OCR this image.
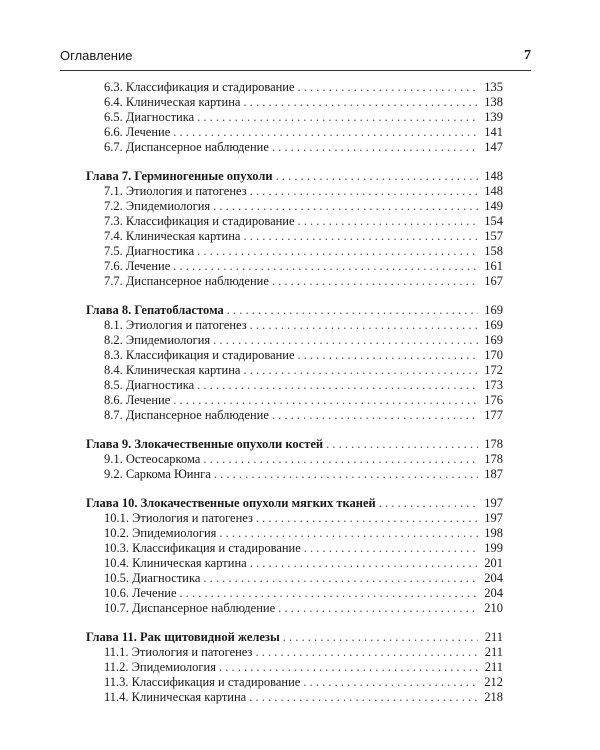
Оглавление	7
6.3. Классификация и стадирование . . .	135
6.4. Клиническая картина . . .	138
6.5. Диагностика . . .	139
6.6. Лечение . . .	141
6.7. Диспансерное наблюдение . . .	147
Глава 7. Герминогенные опухоли . . .	148
7.1. Этиология и патогенез . . .	148
7.2. Эпидемиология . . .	149
7.3. Классификация и стадирование . . .	154
7.4. Клиническая картина . . .	157
7.5. Диагностика . . .	158
7.6. Лечение . . .	161
7.7. Диспансерное наблюдение . . .	167
Глава 8. Гепатобластома . . .	169
8.1. Этиология и патогенез . . .	169
8.2. Эпидемиология . . .	169
8.3. Классификация и стадирование . . .	170
8.4. Клиническая картина . . .	172
8.5. Диагностика . . .	173
8.6. Лечение . . .	176
8.7. Диспансерное наблюдение . . .	177
Глава 9. Злокачественные опухоли костей . . .	178
9.1. Остеосаркома . . .	178
9.2. Саркома Юинга . . .	187
Глава 10. Злокачественные опухоли мягких тканей . . .	197
10.1. Этиология и патогенез . . .	197
10.2. Эпидемиология . . .	198
10.3. Классификация и стадирование . . .	199
10.4. Клиническая картина . . .	201
10.5. Диагностика . . .	204
10.6. Лечение . . .	204
10.7. Диспансерное наблюдение . . .	210
Глава 11. Рак щитовидной железы . . .	211
11.1. Этиология и патогенез . . .	211
11.2. Эпидемиология . . .	211
11.3. Классификация и стадирование . . .	212
11.4. Клиническая картина . . .	218
